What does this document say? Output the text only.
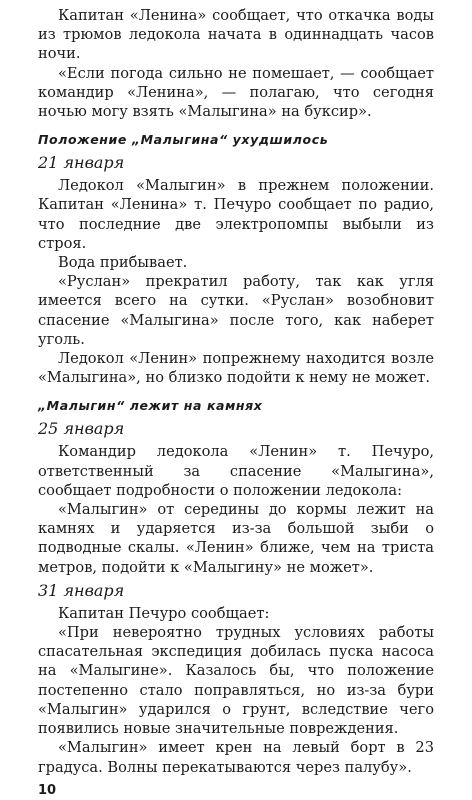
Капитан «Ленина» сообщает, что откачка воды из трюмов ледокола начата в одиннадцать часов ночи.

«Если погода сильно не помешает, — сообщает командир «Ленина», — полагаю, что сегодня ночью могу взять «Малыгина» на буксир».

Положение „Малыгина“ ухудшилось
21 января

Ледокол «Малыгин» в прежнем положении. Капитан «Ленина» т. Печуро сообщает по радио, что последние две электропомпы выбыли из строя.

Вода прибывает.

«Руслан» прекратил работу, так как угля имеется всего на сутки. «Руслан» возобновит спасение «Малыгина» после того, как наберет уголь.

Ледокол «Ленин» попрежнему находится возле «Малыгина», но близко подойти к нему не может.

„Малыгин“ лежит на камнях
25 января

Командир ледокола «Ленин» т. Печуро, ответственный за спасение «Малыгина», сообщает подробности о положении ледокола:

«Малыгин» от середины до кормы лежит на камнях и ударяется из-за большой зыби о подводные скалы. «Ленин» ближе, чем на триста метров, подойти к «Малыгину» не может».

31 января

Капитан Печуро сообщает:

«При невероятно трудных условиях работы спасательная экспедиция добилась пуска насоса на «Малыгине». Казалось бы, что положение постепенно стало поправляться, но из-за бури «Малыгин» ударился о грунт, вследствие чего появились новые значительные повреждения.

«Малыгин» имеет крен на левый борт в 23 градуса. Волны перекатываются через палубу».

10
